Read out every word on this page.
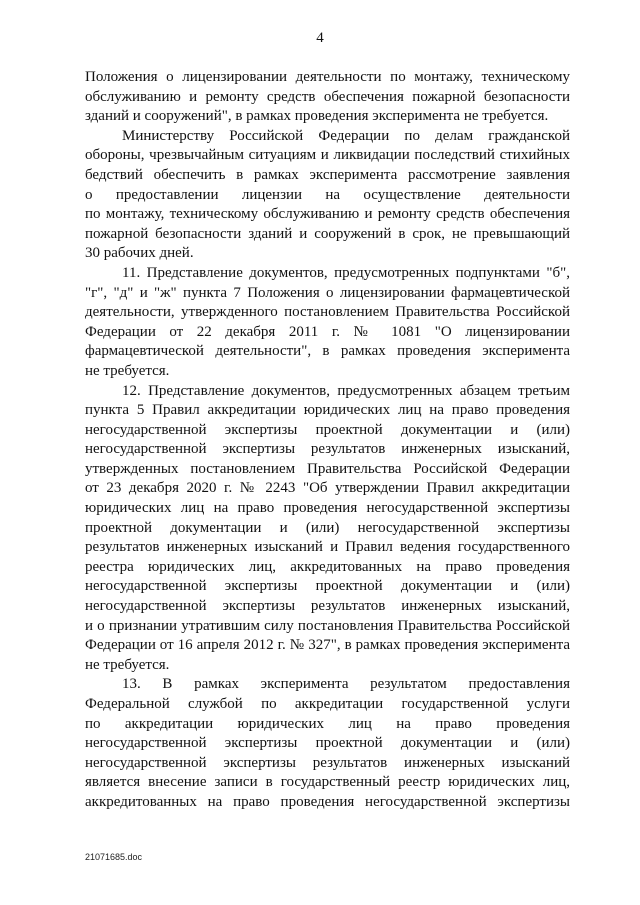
4
Положения о лицензировании деятельности по монтажу, техническому
обслуживанию и ремонту средств обеспечения пожарной безопасности
зданий и сооружений", в рамках проведения эксперимента не требуется.
Министерству Российской Федерации по делам гражданской
обороны, чрезвычайным ситуациям и ликвидации последствий стихийных
бедствий обеспечить в рамках эксперимента рассмотрение заявления
о предоставлении лицензии на осуществление деятельности
по монтажу, техническому обслуживанию и ремонту средств обеспечения
пожарной безопасности зданий и сооружений в срок, не превышающий
30 рабочих дней.
11. Представление документов, предусмотренных подпунктами "б",
"г", "д" и "ж" пункта 7 Положения о лицензировании фармацевтической
деятельности, утвержденного постановлением Правительства Российской
Федерации от 22 декабря 2011 г. № 1081 "О лицензировании
фармацевтической деятельности", в рамках проведения эксперимента
не требуется.
12. Представление документов, предусмотренных абзацем третьим
пункта 5 Правил аккредитации юридических лиц на право проведения
негосударственной экспертизы проектной документации и (или)
негосударственной экспертизы результатов инженерных изысканий,
утвержденных постановлением Правительства Российской Федерации
от 23 декабря 2020 г. № 2243 "Об утверждении Правил аккредитации
юридических лиц на право проведения негосударственной экспертизы
проектной документации и (или) негосударственной экспертизы
результатов инженерных изысканий и Правил ведения государственного
реестра юридических лиц, аккредитованных на право проведения
негосударственной экспертизы проектной документации и (или)
негосударственной экспертизы результатов инженерных изысканий,
и о признании утратившим силу постановления Правительства Российской
Федерации от 16 апреля 2012 г. № 327", в рамках проведения эксперимента
не требуется.
13. В рамках эксперимента результатом предоставления
Федеральной службой по аккредитации государственной услуги
по аккредитации юридических лиц на право проведения
негосударственной экспертизы проектной документации и (или)
негосударственной экспертизы результатов инженерных изысканий
является внесение записи в государственный реестр юридических лиц,
аккредитованных на право проведения негосударственной экспертизы
21071685.doc
